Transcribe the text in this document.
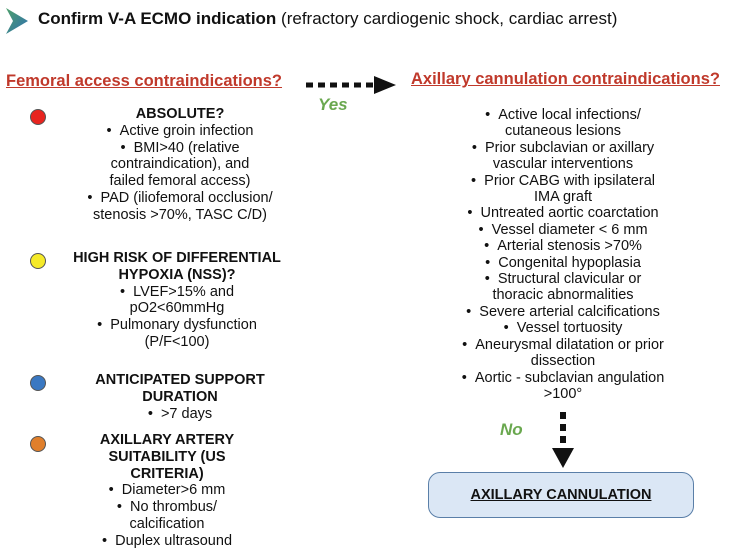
Confirm V-A ECMO indication (refractory cardiogenic shock, cardiac arrest)
Femoral access contraindications?	Axillary cannulation contraindications?
Yes
ABSOLUTE?
•  Active groin infection
•  BMI>40 (relative
contraindication), and
failed femoral access)
•  PAD (iliofemoral occlusion/
stenosis >70%, TASC C/D)
HIGH RISK OF DIFFERENTIAL
HYPOXIA (NSS)?
•  LVEF>15% and
pO2<60mmHg
•  Pulmonary dysfunction
(P/F<100)
ANTICIPATED SUPPORT
DURATION
•  >7 days
AXILLARY ARTERY
SUITABILITY (US
CRITERIA)
•  Diameter>6 mm
•  No thrombus/
calcification
•  Duplex ultrasound
•  Active local infections/
cutaneous lesions
•  Prior subclavian or axillary
vascular interventions
•  Prior CABG with ipsilateral
IMA graft
•  Untreated aortic coarctation
•  Vessel diameter < 6 mm
•  Arterial stenosis >70%
•  Congenital hypoplasia
•  Structural clavicular or
thoracic abnormalities
•  Severe arterial calcifications
•  Vessel tortuosity
•  Aneurysmal dilatation or prior
dissection
•  Aortic - subclavian angulation
>100°
No
AXILLARY CANNULATION
